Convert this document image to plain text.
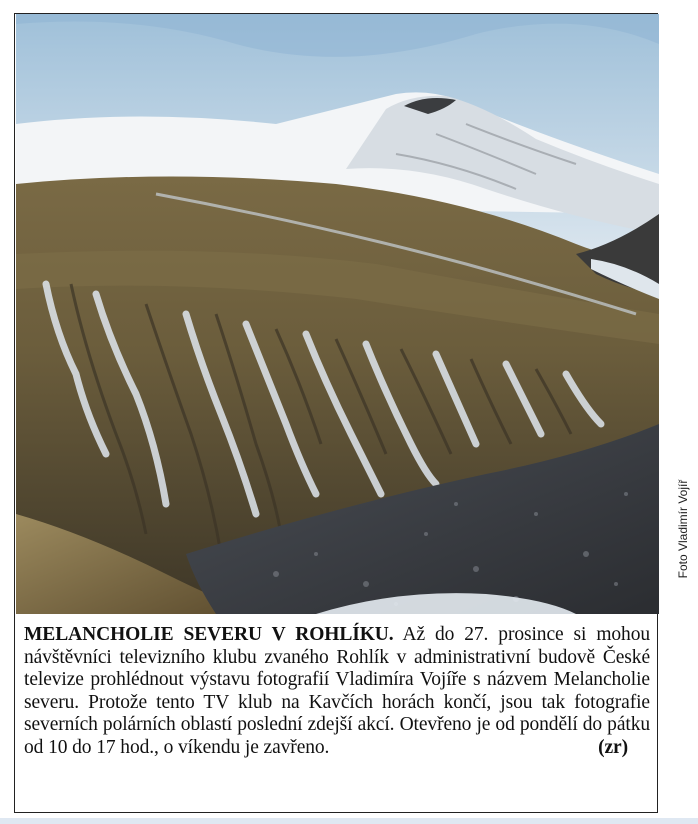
Foto Vladimír Vojíř
MELANCHOLIE SEVERU V ROHLÍKU. Až do 27. prosince si mohou návštěvníci televizního klubu zvaného Rohlík v administrativní budově České televize prohlédnout výstavu fotografií Vladimíra Vojíře s názvem Melancholie severu. Protože tento TV klub na Kavčích horách končí, jsou tak fotografie severních polárních oblastí poslední zdejší akcí. Otevřeno je od pondělí do pátku od 10 do 17 hod., o víkendu je zavřeno.	(zr)
